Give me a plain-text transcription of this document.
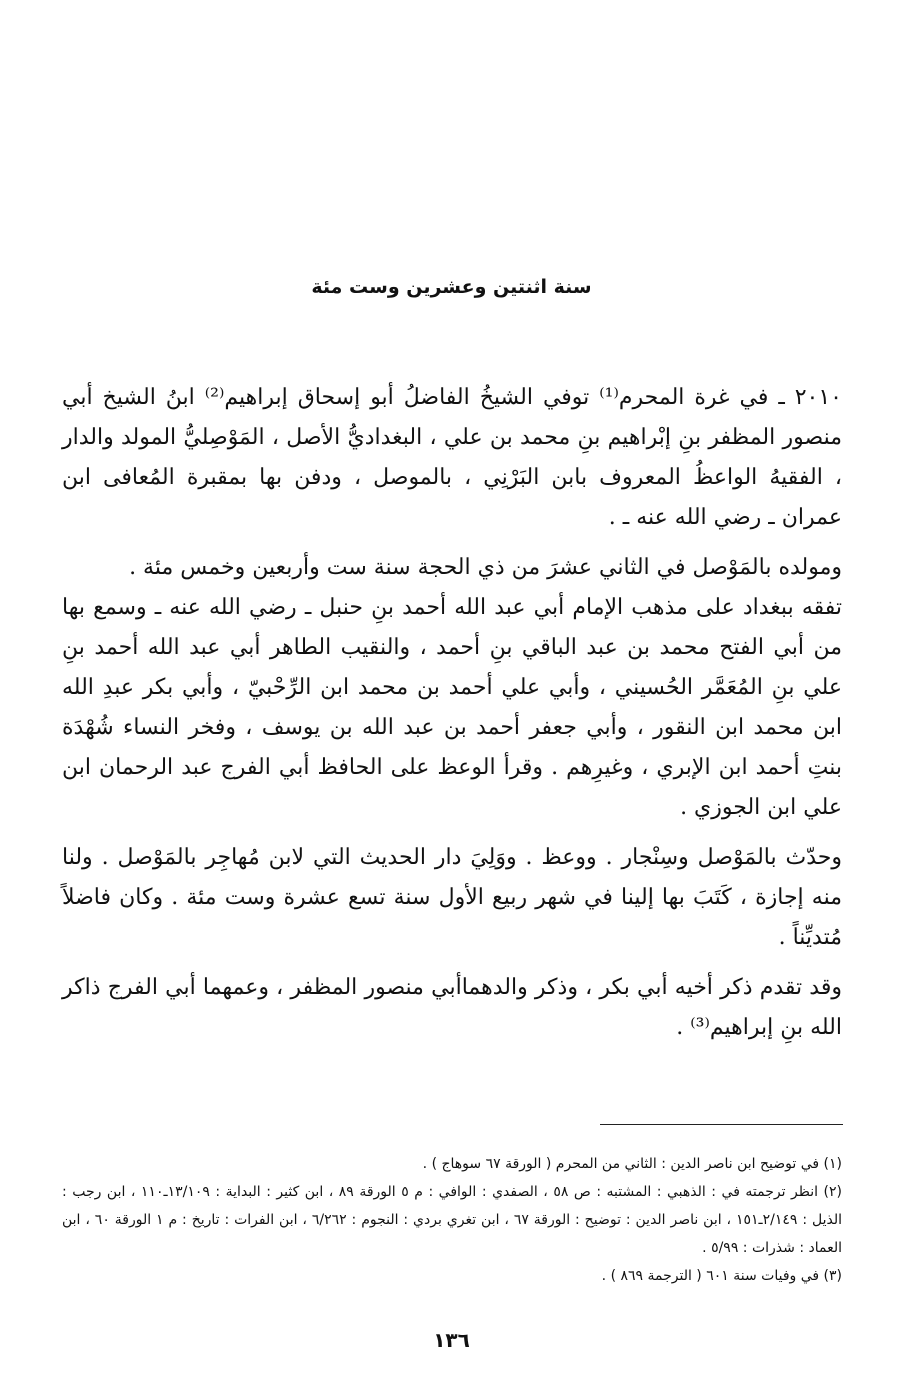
سنة اثنتين وعشرين وست مئة

٢٠١٠ ـ في غرة المحرم⁽¹⁾ توفي الشيخُ الفاضلُ أبو إسحاق إبراهيم⁽²⁾ ابنُ الشيخ أبي منصور المظفر بنِ إبْراهيم بنِ محمد بن علي ، البغداديُّ الأصل ، المَوْصِليُّ المولد والدار ، الفقيهُ الواعظُ المعروف بابن البَرْنِي ، بالموصل ، ودفن بها بمقبرة المُعافى ابن عمران ـ رضي الله عنه ـ .

ومولده بالمَوْصل في الثاني عشرَ من ذي الحجة سنة ست وأربعين وخمس مئة .

تفقه ببغداد على مذهب الإمام أبي عبد الله أحمد بنِ حنبل ـ رضي الله عنه ـ وسمع بها من أبي الفتح محمد بن عبد الباقي بنِ أحمد ، والنقيب الطاهر أبي عبد الله أحمد بنِ علي بنِ المُعَمَّر الحُسيني ، وأبي علي أحمد بن محمد ابن الرِّحْبيّ ، وأبي بكر عبدِ الله ابن محمد ابن النقور ، وأبي جعفر أحمد بن عبد الله بن يوسف ، وفخر النساء شُهْدَة بنتِ أحمد ابن الإبري ، وغيرِهم . وقرأ الوعظ على الحافظ أبي الفرج عبد الرحمان ابن علي ابن الجوزي .

وحدّث بالمَوْصل وسِنْجار . ووعظ . ووَلِيَ دار الحديث التي لابن مُهاجِر بالمَوْصل . ولنا منه إجازة ، كَتَبَ بها إلينا في شهر ربيع الأول سنة تسع عشرة وست مئة . وكان فاضلاً مُتديِّناً .

وقد تقدم ذكر أخيه أبي بكر ، وذكر والدهماأبي منصور المظفر ، وعمهما أبي الفرج ذاكر الله بنِ إبراهيم⁽³⁾ .

(١) في توضيح ابن ناصر الدين : الثاني من المحرم ( الورقة ٦٧ سوهاج ) .

(٢) انظر ترجمته في : الذهبي : المشتبه : ص ٥٨ ، الصفدي : الوافي : م ٥ الورقة ٨٩ ، ابن كثير : البداية : ١٣/١٠٩ـ١١٠ ، ابن رجب : الذيل : ٢/١٤٩ـ١٥١ ، ابن ناصر الدين : توضيح : الورقة ٦٧ ، ابن تغري بردي : النجوم : ٦/٢٦٢ ، ابن الفرات : تاريخ : م ١ الورقة ٦٠ ، ابن العماد : شذرات : ٥/٩٩ .

(٣) في وفيات سنة ٦٠١ ( الترجمة ٨٦٩ ) .

١٣٦
